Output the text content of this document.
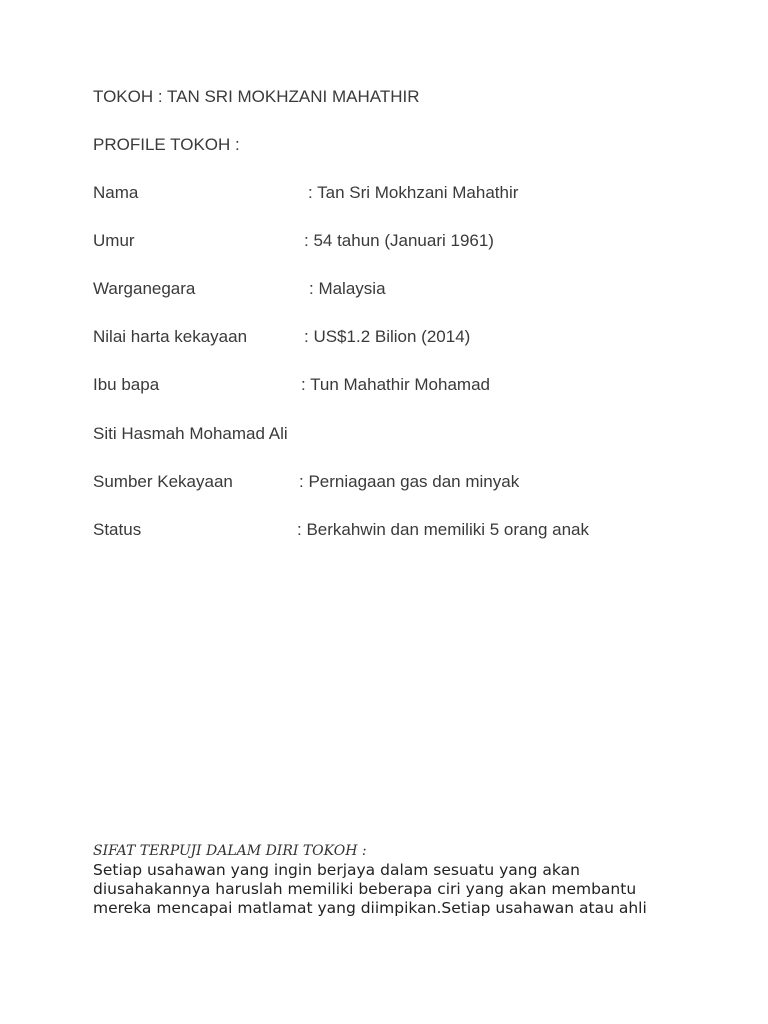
TOKOH : TAN SRI MOKHZANI MAHATHIR
PROFILE TOKOH :
Nama	: Tan Sri Mokhzani Mahathir
Umur	: 54 tahun (Januari 1961)
Warganegara	: Malaysia
Nilai harta kekayaan	: US$1.2 Bilion (2014)
Ibu bapa	: Tun Mahathir Mohamad
Siti Hasmah Mohamad Ali
Sumber Kekayaan	: Perniagaan gas dan minyak
Status	: Berkahwin dan memiliki 5 orang anak
SIFAT TERPUJI DALAM DIRI TOKOH :
Setiap usahawan yang ingin berjaya dalam sesuatu yang akan
diusahakannya haruslah memiliki beberapa ciri yang akan membantu
mereka mencapai matlamat yang diimpikan.Setiap usahawan atau ahli
